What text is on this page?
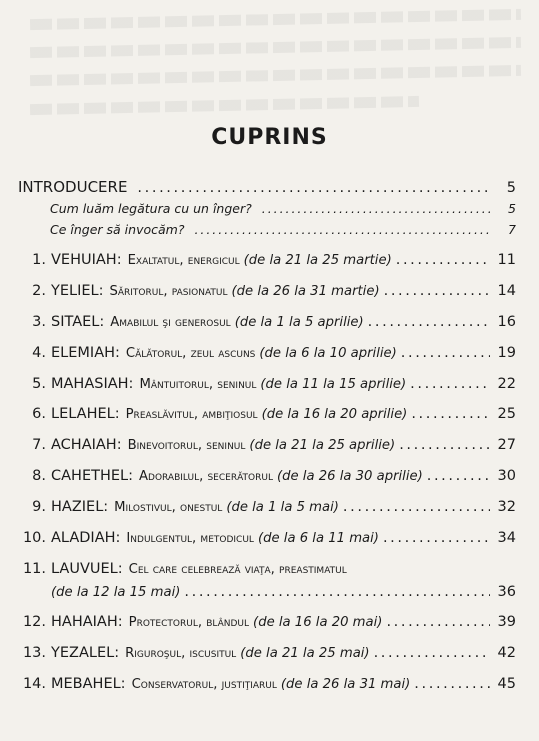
CUPRINS
INTRODUCERE . . .	5
Cum luăm legătura cu un înger? . . .	5
Ce înger să invocăm? . . .	7
1. VEHUIAH: Exaltatul, energicul (de la 21 la 25 martie) . . .	11
2. YELIEL: Săritorul, pasionatul (de la 26 la 31 martie) . . .	14
3. SITAEL: Amabilul şi generosul (de la 1 la 5 aprilie) . . .	16
4. ELEMIAH: Călătorul, zeul ascuns (de la 6 la 10 aprilie) . . .	19
5. MAHASIAH: Mântuitorul, seninul (de la 11 la 15 aprilie) . . .	22
6. LELAHEL: Preaslăvitul, ambiţiosul (de la 16 la 20 aprilie) . . .	25
7. ACHAIAH: Binevoitorul, seninul (de la 21 la 25 aprilie) . . .	27
8. CAHETHEL: Adorabilul, secerătorul (de la 26 la 30 aprilie) . . .	30
9. HAZIEL: Milostivul, onestul (de la 1 la 5 mai) . . .	32
10. ALADIAH: Indulgentul, metodicul (de la 6 la 11 mai) . . .	34
11. LAUVUEL: Cel care celebrează viaţa, preastimatul
(de la 12 la 15 mai) . . .	36
12. HAHAIAH: Protectorul, blândul (de la 16 la 20 mai) . . .	39
13. YEZALEL: Riguroşul, iscusitul (de la 21 la 25 mai) . . .	42
14. MEBAHEL: Conservatorul, justiţiarul (de la 26 la 31 mai) . . .	45
